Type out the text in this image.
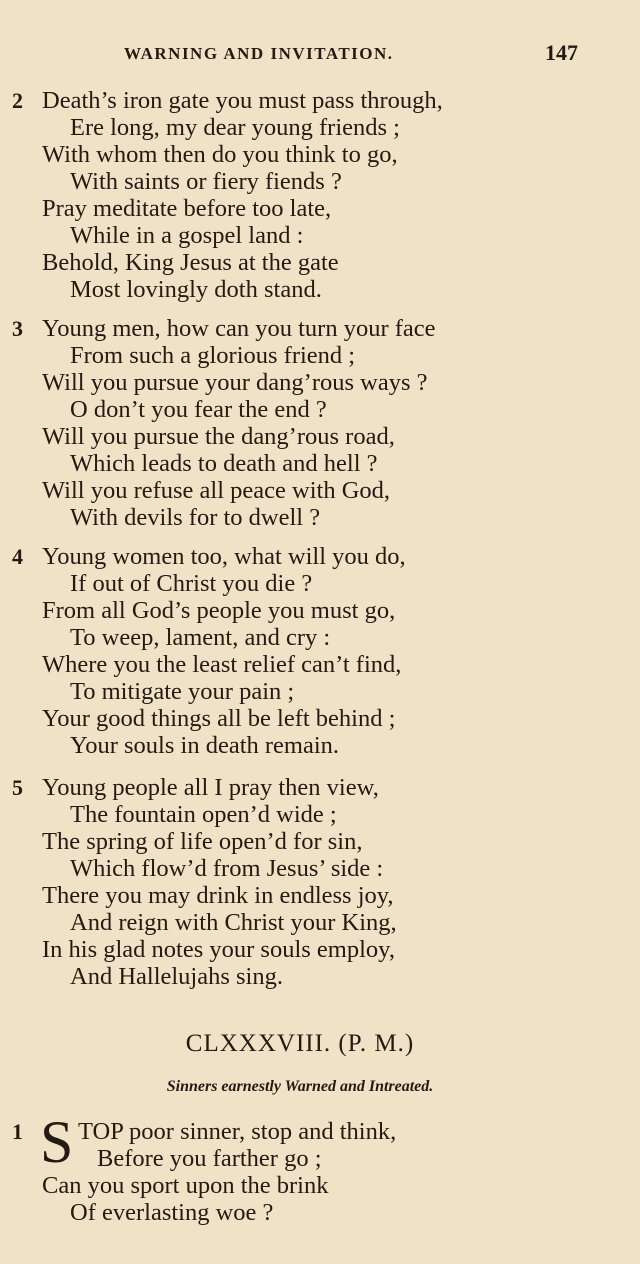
WARNING AND INVITATION.	147
2 Death’s iron gate you must pass through,
Ere long, my dear young friends ;
With whom then do you think to go,
With saints or fiery fiends ?
Pray meditate before too late,
While in a gospel land :
Behold, King Jesus at the gate
Most lovingly doth stand.
3 Young men, how can you turn your face
From such a glorious friend ;
Will you pursue your dang’rous ways ?
O don’t you fear the end ?
Will you pursue the dang’rous road,
Which leads to death and hell ?
Will you refuse all peace with God,
With devils for to dwell ?
4 Young women too, what will you do,
If out of Christ you die ?
From all God’s people you must go,
To weep, lament, and cry :
Where you the least relief can’t find,
To mitigate your pain ;
Your good things all be left behind ;
Your souls in death remain.
5 Young people all I pray then view,
The fountain open’d wide ;
The spring of life open’d for sin,
Which flow’d from Jesus’ side :
There you may drink in endless joy,
And reign with Christ your King,
In his glad notes your souls employ,
And Hallelujahs sing.
CLXXXVIII. (P. M.)
Sinners earnestly Warned and Intreated.
1 TOP poor sinner, stop and think,
Before you farther go ;
Can you sport upon the brink
Of everlasting woe ?
S
